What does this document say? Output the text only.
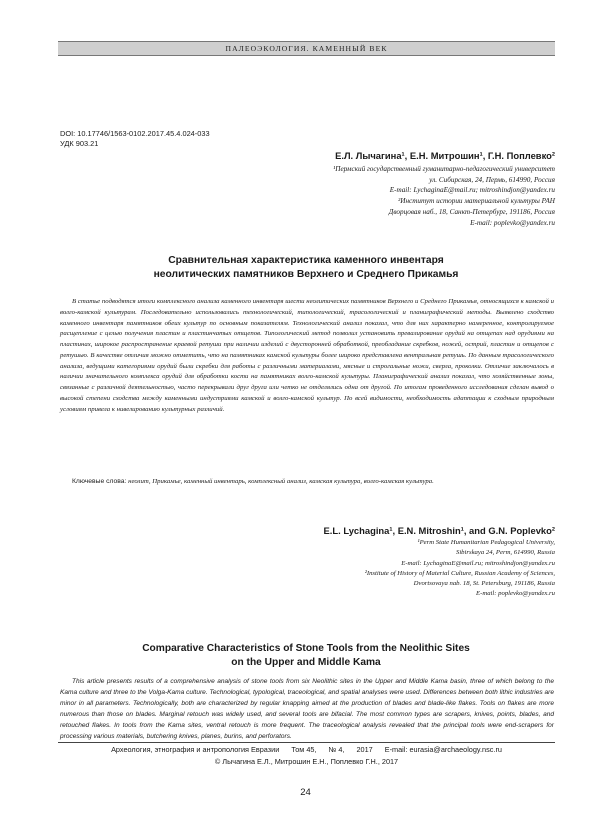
ПАЛЕОЭКОЛОГИЯ. КАМЕННЫЙ ВЕК
DOI: 10.17746/1563-0102.2017.45.4.024-033
УДК 903.21
Е.Л. Лычагина¹, Е.Н. Митрошин¹, Г.Н. Поплевко²
¹Пермский государственный гуманитарно-педагогический университет
ул. Сибирская, 24, Пермь, 614990, Россия
E-mail: LychaginaE@mail.ru; mitroshindjon@yandex.ru
²Институт истории материальной культуры РАН
Дворцовая наб., 18, Санкт-Петербург, 191186, Россия
E-mail: poplevko@yandex.ru
Сравнительная характеристика каменного инвентаря
неолитических памятников Верхнего и Среднего Прикамья
В статье подводятся итоги комплексного анализа каменного инвентаря шести неолитических памятников Верхнего и Среднего Прикамья, относящихся к камской и волго-камской культурам. Последовательно использовались технологический, типологический, трасологический и планиграфический методы. Выявлено сходство каменного инвентаря памятников обеих культур по основным показателям. Технологический анализ показал, что для них характерно намеренное, контролируемое расщепление с целью получения пластин и пластинчатых отщепов. Типологический метод позволил установить превалирование орудий на отщепах над орудиями на пластинах, широкое распространение краевой ретуши при наличии изделий с двусторонней обработкой, преобладание скребков, ножей, острий, пластин и отщепов с ретушью. В качестве отличия можно отметить, что на памятниках камской культуры более широко представлена вентральная ретушь. По данным трасологического анализа, ведущими категориями орудий были скребки для работы с различными материалами, мясные и строгальные ножи, сверла, проколки. Отличие заключалось в наличии значительного комплекса орудий для обработки кости на памятниках волго-камской культуры. Планиграфический анализ показал, что хозяйственные зоны, связанные с различной деятельностью, часто перекрывали друг друга или четко не отделялись одна от другой. По итогам проведенного исследования сделан вывод о высокой степени сходства между каменными индустриями камской и волго-камской культур. По всей видимости, необходимость адаптации к сходным природным условиям привела к нивелированию культурных различий.
Ключевые слова: неолит, Прикамье, каменный инвентарь, комплексный анализ, камская культура, волго-камская культура.
E.L. Lychagina¹, E.N. Mitroshin¹, and G.N. Poplevko²
¹Perm State Humanitarian Pedagogical University,
Sibirskaya 24, Perm, 614990, Russia
E-mail: LychaginaE@mail.ru; mitroshindjon@yandex.ru
²Institute of History of Material Culture, Russian Academy of Sciences,
Dvortsovaya nab. 18, St. Petersburg, 191186, Russia
E-mail: poplevko@yandex.ru
Comparative Characteristics of Stone Tools from the Neolithic Sites
on the Upper and Middle Kama
This article presents results of a comprehensive analysis of stone tools from six Neolithic sites in the Upper and Middle Kama basin, three of which belong to the Kama culture and three to the Volga-Kama culture. Technological, typological, traceological, and spatial analyses were used. Differences between both lithic industries are minor in all parameters. Technologically, both are characterized by regular knapping aimed at the production of blades and blade-like flakes. Tools on flakes are more numerous than those on blades. Marginal retouch was widely used, and several tools are bifacial. The most common types are scrapers, knives, points, blades, and retouched flakes. In tools from the Kama sites, ventral retouch is more frequent. The traceological analysis revealed that the principal tools were end-scrapers for processing various materials, butchering knives, planes, burins, and perforators.
Археология, этнография и антропология Евразии Том 45, № 4, 2017 E-mail: eurasia@archaeology.nsc.ru
© Лычагина Е.Л., Митрошин Е.Н., Поплевко Г.Н., 2017
24
